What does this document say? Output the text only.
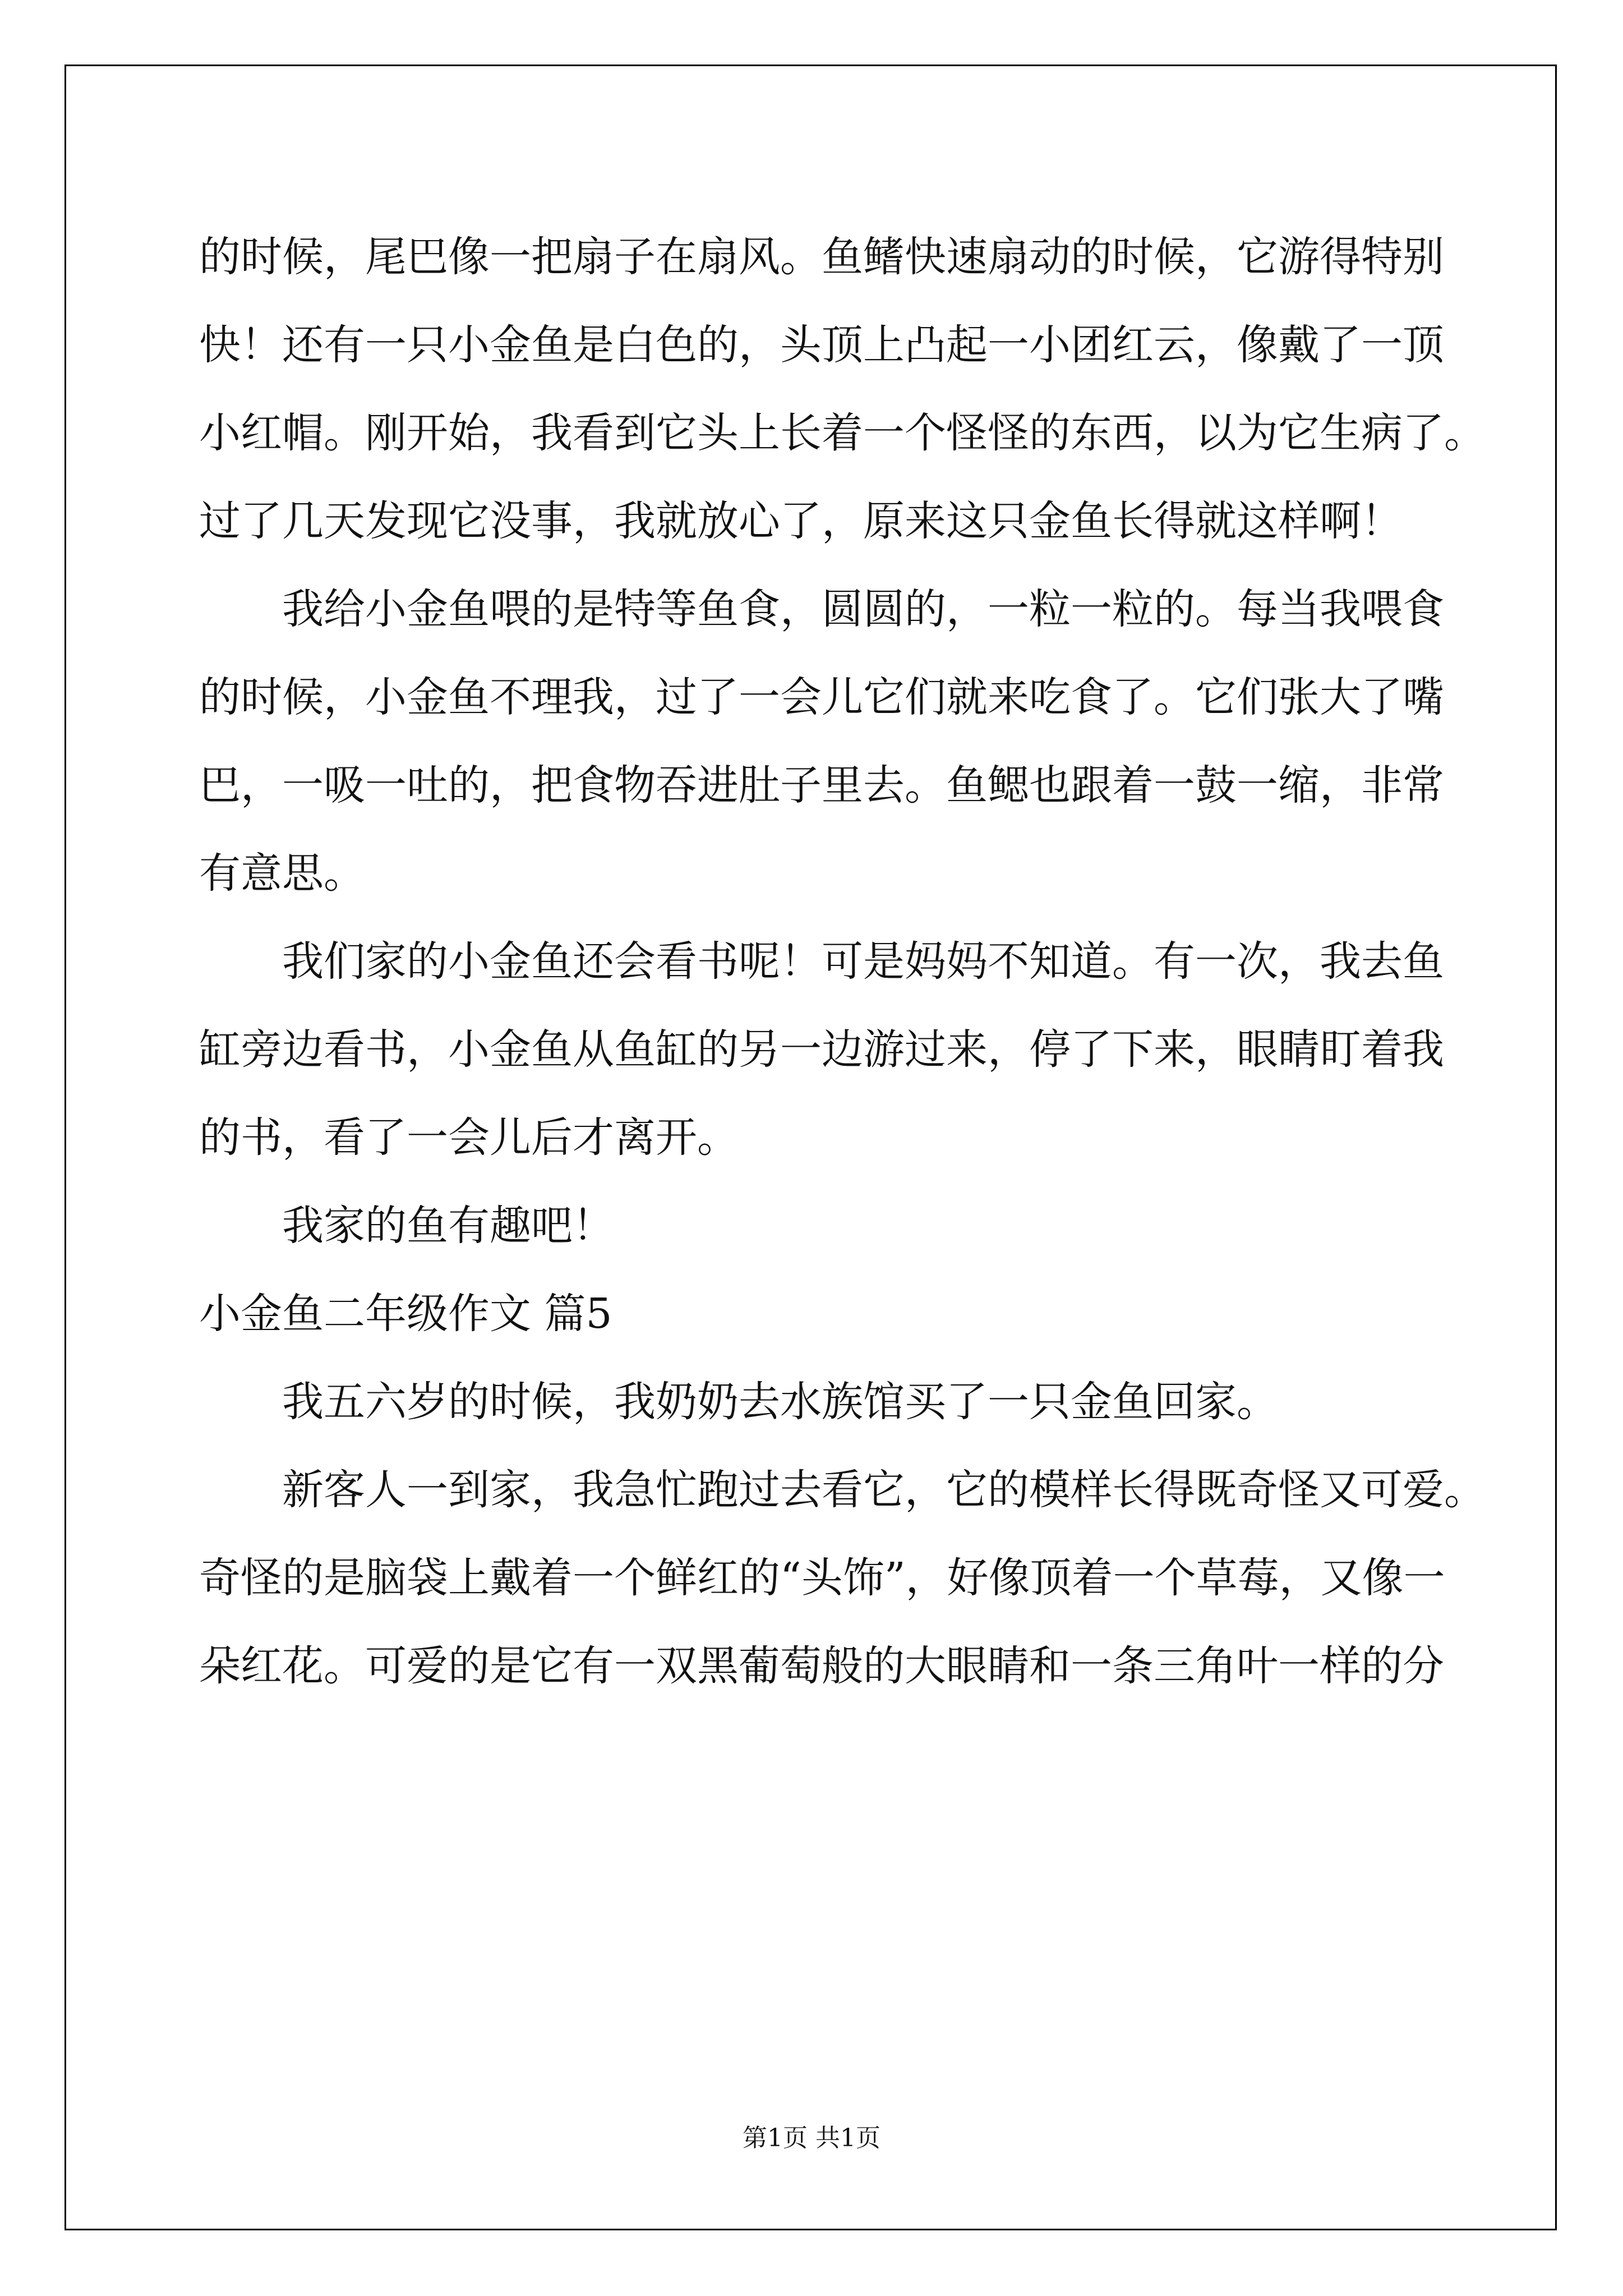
的时候，尾巴像一把扇子在扇风。鱼鳍快速扇动的时候，它游得特别
快！还有一只小金鱼是白色的，头顶上凸起一小团红云，像戴了一顶
小红帽。刚开始，我看到它头上长着一个怪怪的东西，以为它生病了。
过了几天发现它没事，我就放心了，原来这只金鱼长得就这样啊！
我给小金鱼喂的是特等鱼食，圆圆的，一粒一粒的。每当我喂食
的时候，小金鱼不理我，过了一会儿它们就来吃食了。它们张大了嘴
巴，一吸一吐的，把食物吞进肚子里去。鱼鳃也跟着一鼓一缩，非常
有意思。
我们家的小金鱼还会看书呢！可是妈妈不知道。有一次，我去鱼
缸旁边看书，小金鱼从鱼缸的另一边游过来，停了下来，眼睛盯着我
的书，看了一会儿后才离开。
我家的鱼有趣吧！
小金鱼二年级作文 篇5
我五六岁的时候，我奶奶去水族馆买了一只金鱼回家。
新客人一到家，我急忙跑过去看它，它的模样长得既奇怪又可爱。
奇怪的是脑袋上戴着一个鲜红的“头饰”，好像顶着一个草莓，又像一
朵红花。可爱的是它有一双黑葡萄般的大眼睛和一条三角叶一样的分
第1页 共1页
